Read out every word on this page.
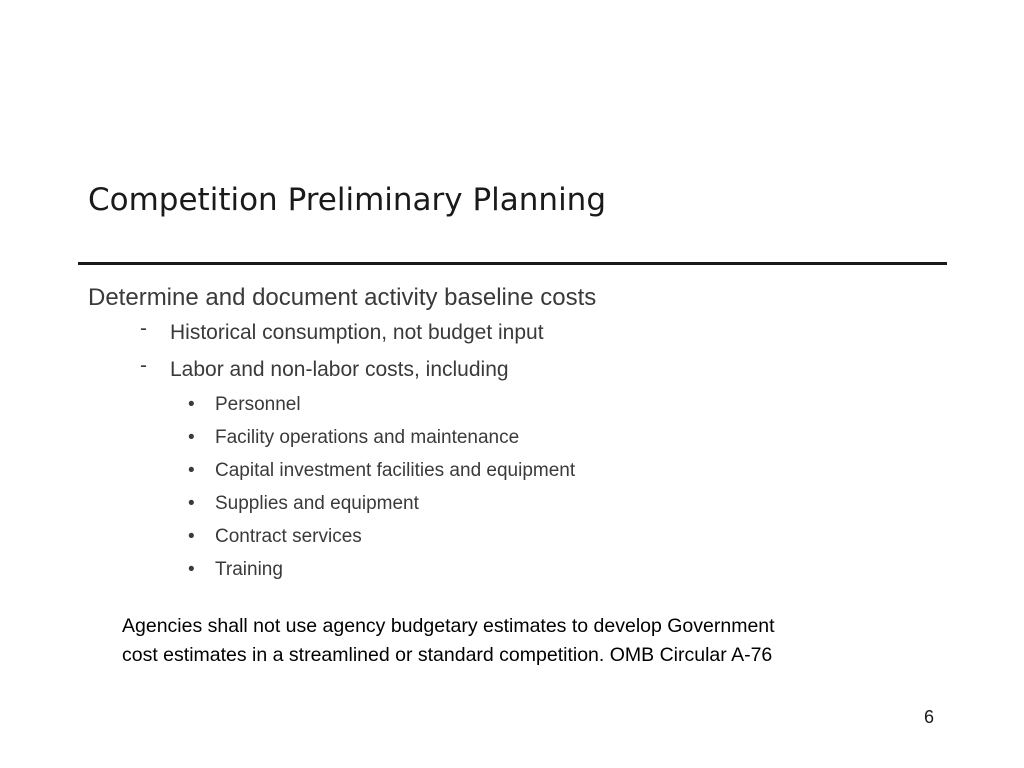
Competition Preliminary Planning
Determine and document activity baseline costs
- Historical consumption, not budget input
- Labor and non-labor costs, including
• Personnel
• Facility operations and maintenance
• Capital investment facilities and equipment
• Supplies and equipment
• Contract services
• Training
Agencies shall not use agency budgetary estimates to develop Government
cost estimates in a streamlined or standard competition. OMB Circular A-76
6
